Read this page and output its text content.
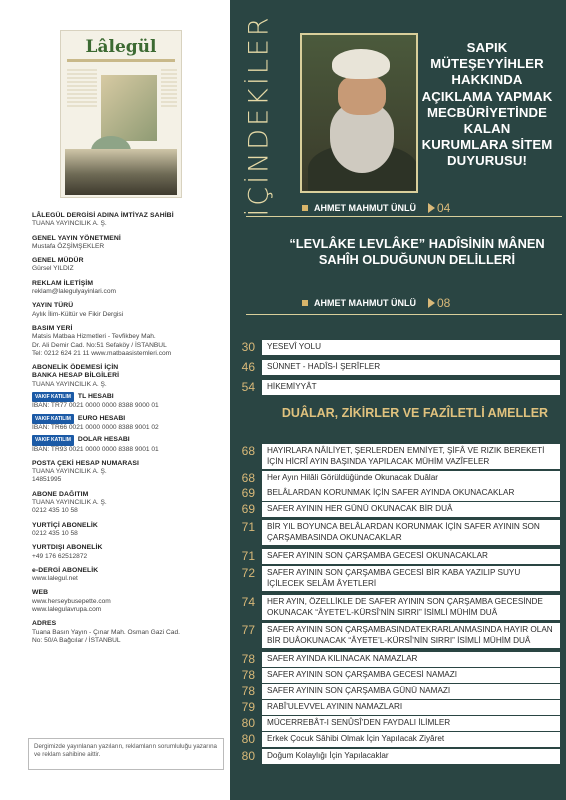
Lâlegül
LÂLEGÜL DERGİSİ ADINA İMTİYAZ SAHİBİ
TUANA YAYINCILIK A. Ş.
GENEL YAYIN YÖNETMENİ
Mustafa ÖZŞİMŞEKLER
GENEL MÜDÜR
Gürsel YILDIZ
REKLAM İLETİŞİM
reklam@lalegulyayinlari.com
YAYIN TÜRÜ
Aylık İlim-Kültür ve Fikir Dergisi
BASIM YERİ
Matsis Matbaa Hizmetleri - Tevfikbey Mah.
Dr. Ali Demir Cad. No:51 Sefaköy / İSTANBUL
Tel: 0212 624 21 11 www.matbaasistemleri.com
ABONELİK ÖDEMESİ İÇİN BANKA HESAP BİLGİLERİ
TUANA YAYINCILIK A. Ş.
VAKIF KATILIM	TL HESABI
İBAN: TR77 0021 0000 0000 8388 9000 01
VAKIF KATILIM	EURO HESABI
İBAN: TR66 0021 0000 0000 8388 9001 02
VAKIF KATILIM	DOLAR HESABI
İBAN: TR93 0021 0000 0000 8388 9001 01
POSTA ÇEKİ HESAP NUMARASI
TUANA YAYINCILIK A. Ş.
14851995
ABONE DAĞITIM
TUANA YAYINCILIK A. Ş.
0212 435 10 58
YURTİÇİ ABONELİK
0212 435 10 58
YURTDIŞI ABONELİK
+49 176 62512872
e-DERGİ ABONELİK
www.lalegul.net
WEB
www.herseybusepette.com
www.lalegulavrupa.com
ADRES
Tuana Basın Yayın - Çınar Mah. Osman Gazi Cad.
No: 50/A Bağcılar / İSTANBUL
Dergimizde yayınlanan yazıların, reklamların sorumluluğu yazarına ve reklam sahibine aittir.
İÇİNDEKİLER	SAPIK MÜTEŞEYYİHLER HAKKINDA AÇIKLAMA YAPMAK MECBÛRİYETİNDE KALAN KURUMLARA SİTEM DUYURUSU!
AHMET MAHMUT ÜNLÜ 04
“LEVLÂKE LEVLÂKE” HADÎSİNİN MÂNEN SAHÎH OLDUĞUNUN DELİLLERİ
AHMET MAHMUT ÜNLÜ 08
30	YESEVÎ YOLU
46	SÜNNET - HADÎS-İ ŞERÎFLER
54	HİKEMİYYÂT
DUÂLAR, ZİKİRLER VE FAZÎLETLİ AMELLER
68	HAYIRLARA NÂİLİYET, ŞERLERDEN EMNİYET, ŞİFÂ VE RIZIK BEREKETİ İÇİN HİCRÎ AYIN BAŞINDA YAPILACAK MÜHİM VAZÎFELER
68	Her Ayın Hilâli Görüldüğünde Okunacak Duâlar
69	BELÂLARDAN KORUNMAK İÇİN SAFER AYINDA OKUNACAKLAR
69	SAFER AYININ HER GÜNÜ OKUNACAK BİR DUÂ
71	BİR YIL BOYUNCA BELÂLARDAN KORUNMAK İÇİN SAFER AYININ SON ÇARŞAMBASINDA OKUNACAKLAR
71	SAFER AYININ SON ÇARŞAMBA GECESİ OKUNACAKLAR
72	SAFER AYININ SON ÇARŞAMBA GECESİ BİR KABA YAZILIP SUYU İÇİLECEK SELÂM ÂYETLERİ
74	HER AYIN, ÖZELLİKLE DE SAFER AYININ SON ÇARŞAMBA GECESİNDE OKUNACAK “ÂYETE’L-KÜRSÎ’NİN SIRRI” İSİMLİ MÜHİM DUÂ
77	SAFER AYININ SON ÇARŞAMBASINDATEKRARLANMASINDA HAYIR OLAN BİR DUÂOKUNACAK “ÂYETE’L-KÜRSÎ’NİN SIRRI” İSİMLİ MÜHİM DUÂ
78	SAFER AYINDA KILINACAK NAMAZLAR
78	SAFER AYININ SON ÇARŞAMBA GECESİ NAMAZI
78	SAFER AYININ SON ÇARŞAMBA GÜNÜ NAMAZI
79	RABÎ’ULEVVEL AYININ NAMAZLARI
80	MÜCERREBÂT-I SENÛSÎ’DEN FAYDALI İLİMLER
80	Erkek Çocuk Sâhibi Olmak İçin Yapılacak Ziyâret
80	Doğum Kolaylığı İçin Yapılacaklar
